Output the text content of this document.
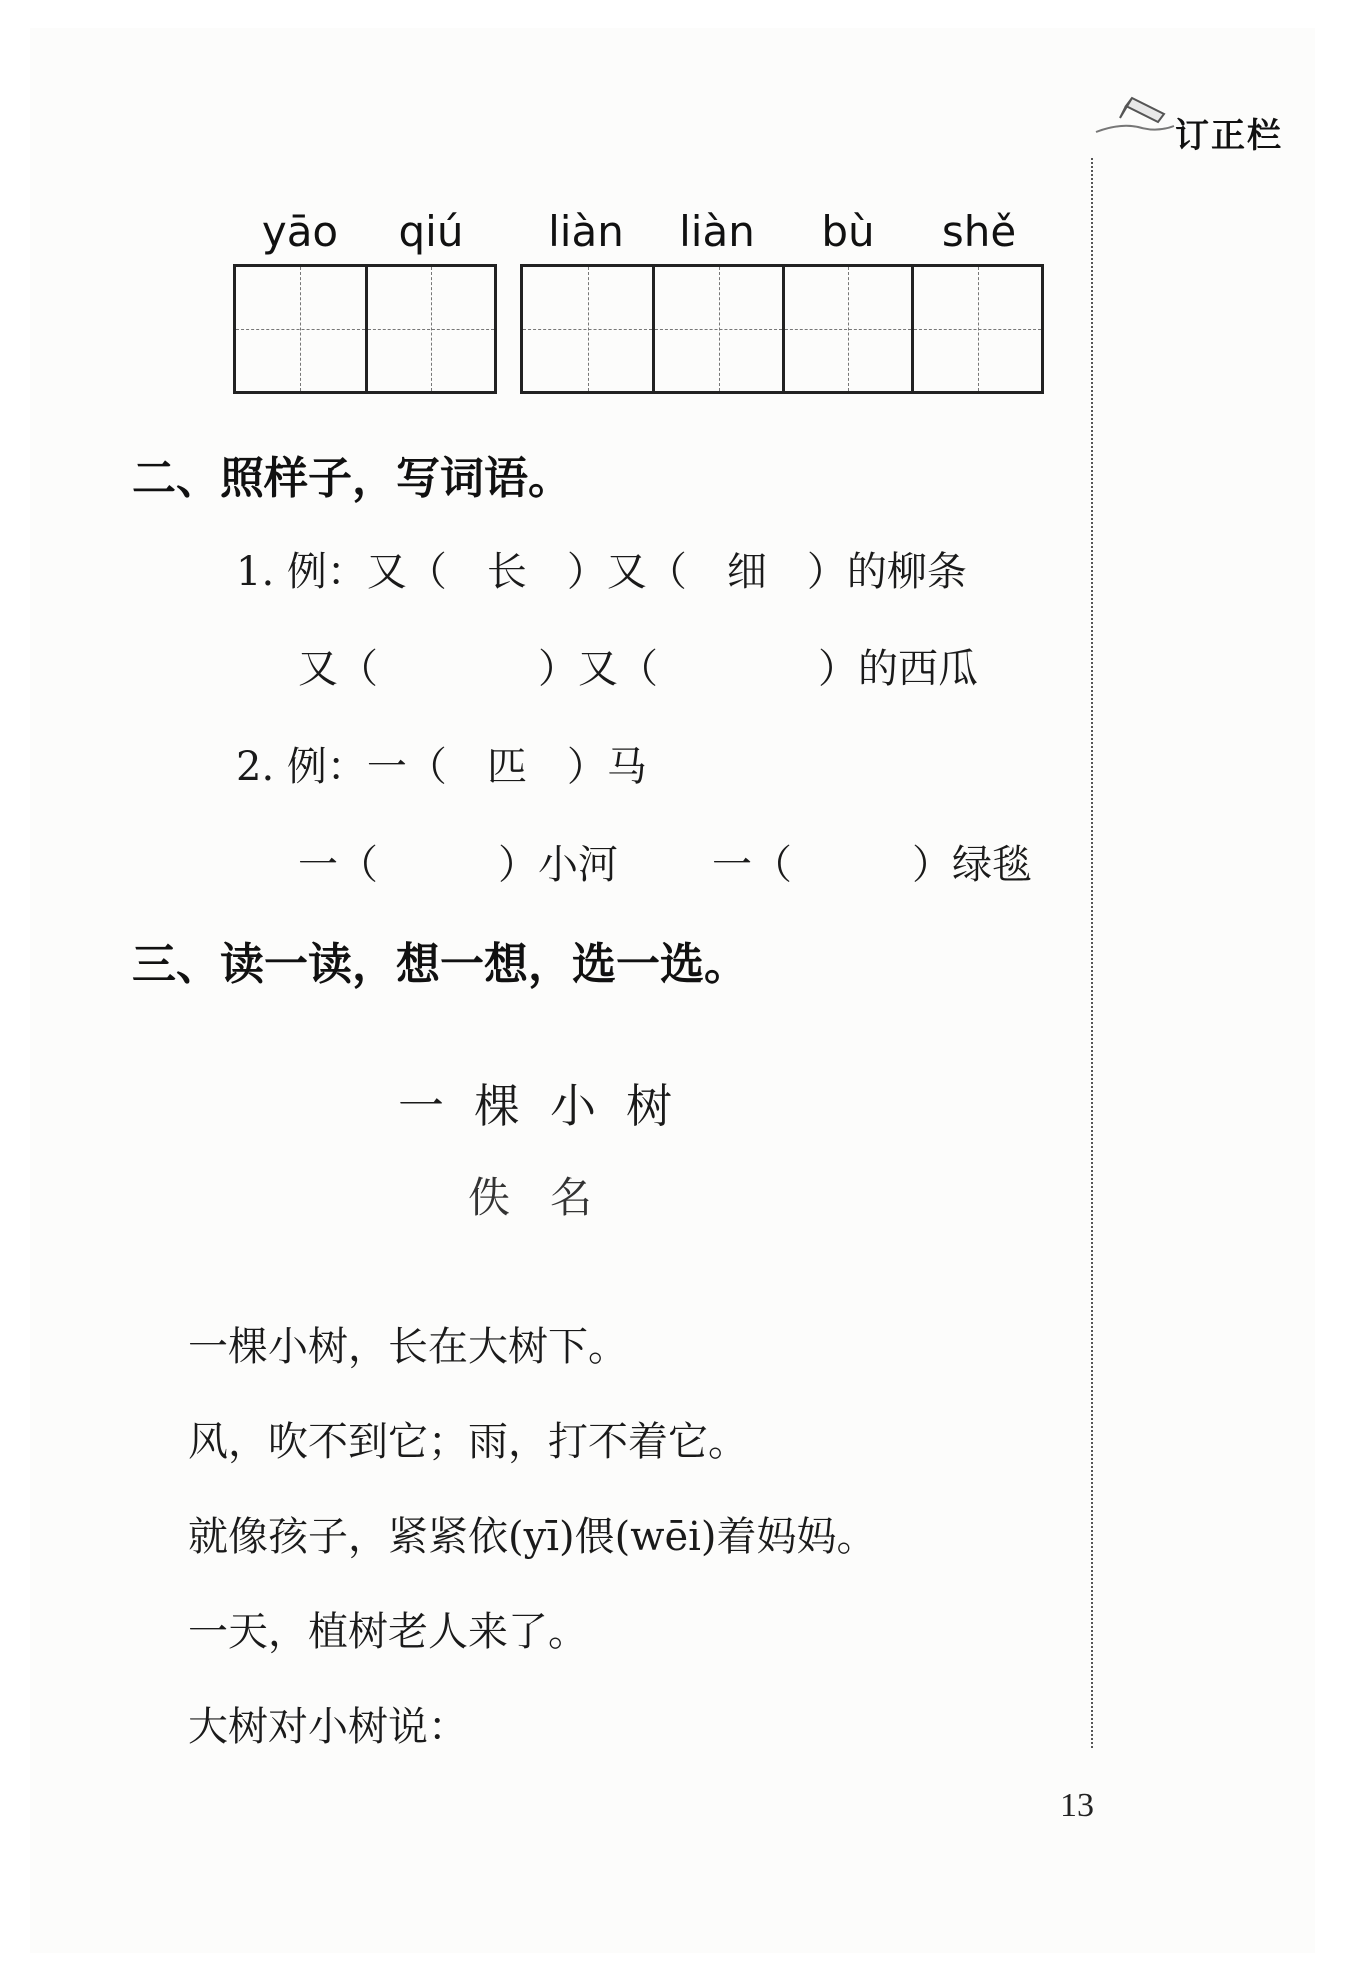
订正栏
yāo	qiú	liàn	liàn	bù	shě
二、照样子，写词语。
1. 例：又（　长　）又（　细　）的柳条
又（　　　　）又（　　　　）的西瓜
2. 例：一（　匹　）马
一（　　　）小河 一（　　　）绿毯
三、读一读，想一想，选一选。
一棵小树
佚名
一棵小树，长在大树下。
风，吹不到它；雨，打不着它。
就像孩子，紧紧依(yī)偎(wēi)着妈妈。
一天，植树老人来了。
大树对小树说：
13
